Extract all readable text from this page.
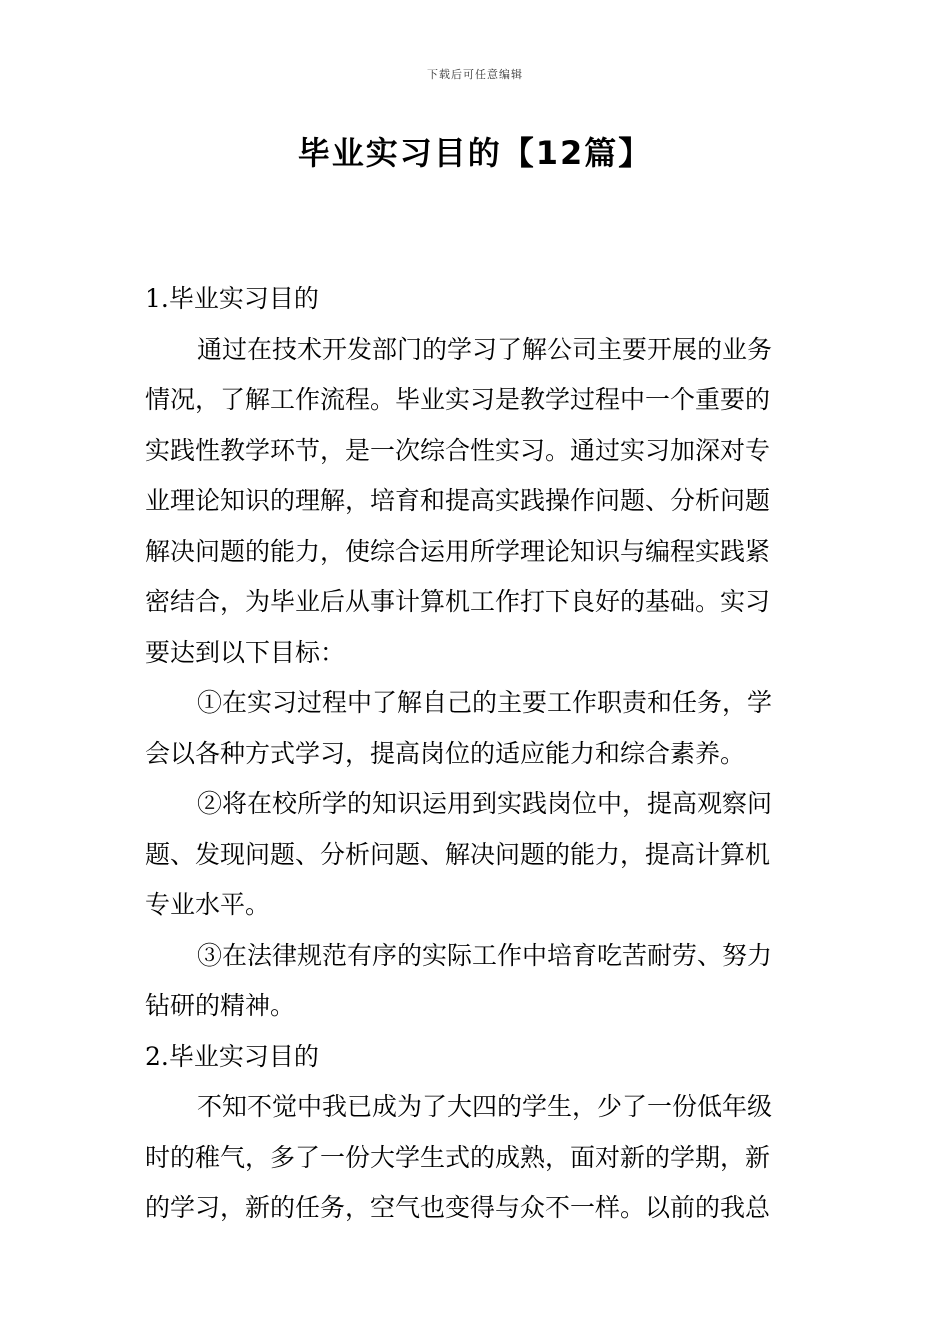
下载后可任意编辑
毕业实习目的【12篇】
1.毕业实习目的
通过在技术开发部门的学习了解公司主要开展的业务
情况，了解工作流程。毕业实习是教学过程中一个重要的
实践性教学环节，是一次综合性实习。通过实习加深对专
业理论知识的理解，培育和提高实践操作问题、分析问题
解决问题的能力，使综合运用所学理论知识与编程实践紧
密结合，为毕业后从事计算机工作打下良好的基础。实习
要达到以下目标：
①在实习过程中了解自己的主要工作职责和任务，学
会以各种方式学习，提高岗位的适应能力和综合素养。
②将在校所学的知识运用到实践岗位中，提高观察问
题、发现问题、分析问题、解决问题的能力，提高计算机
专业水平。
③在法律规范有序的实际工作中培育吃苦耐劳、努力
钻研的精神。
2.毕业实习目的
不知不觉中我已成为了大四的学生，少了一份低年级
时的稚气，多了一份大学生式的成熟，面对新的学期，新
的学习，新的任务，空气也变得与众不一样。以前的我总
